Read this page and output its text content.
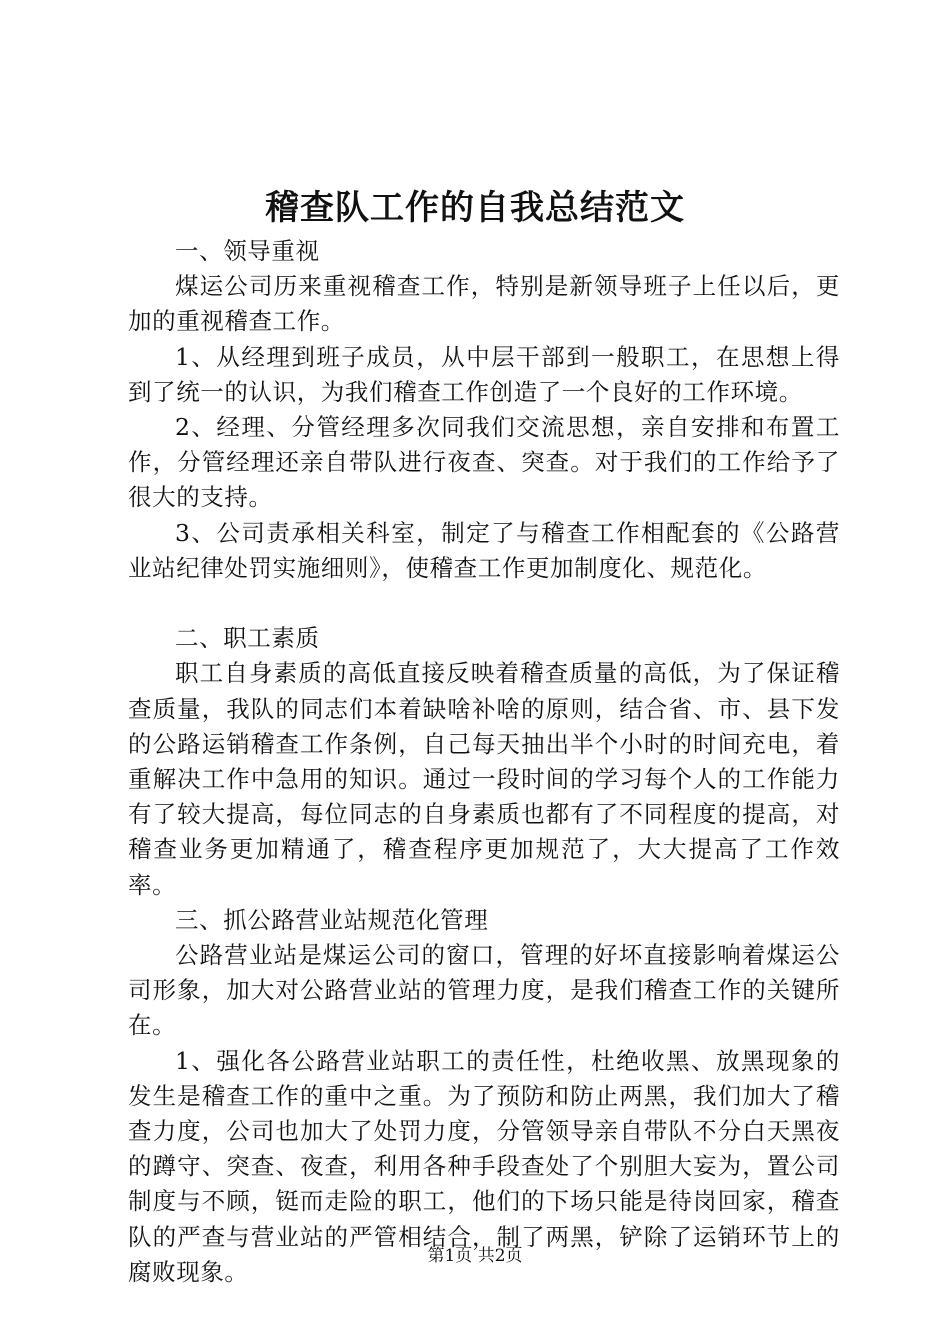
稽查队工作的自我总结范文

一、领导重视

煤运公司历来重视稽查工作，特别是新领导班子上任以后，更加的重视稽查工作。

1、从经理到班子成员，从中层干部到一般职工，在思想上得到了统一的认识，为我们稽查工作创造了一个良好的工作环境。

2、经理、分管经理多次同我们交流思想，亲自安排和布置工作，分管经理还亲自带队进行夜查、突查。对于我们的工作给予了很大的支持。

3、公司责承相关科室，制定了与稽查工作相配套的《公路营业站纪律处罚实施细则》，使稽查工作更加制度化、规范化。

二、职工素质

职工自身素质的高低直接反映着稽查质量的高低，为了保证稽查质量，我队的同志们本着缺啥补啥的原则，结合省、市、县下发的公路运销稽查工作条例，自己每天抽出半个小时的时间充电，着重解决工作中急用的知识。通过一段时间的学习每个人的工作能力有了较大提高，每位同志的自身素质也都有了不同程度的提高，对稽查业务更加精通了，稽查程序更加规范了，大大提高了工作效率。

三、抓公路营业站规范化管理

公路营业站是煤运公司的窗口，管理的好坏直接影响着煤运公司形象，加大对公路营业站的管理力度，是我们稽查工作的关键所在。

1、强化各公路营业站职工的责任性，杜绝收黑、放黑现象的发生是稽查工作的重中之重。为了预防和防止两黑，我们加大了稽查力度，公司也加大了处罚力度，分管领导亲自带队不分白天黑夜的蹲守、突查、夜查，利用各种手段查处了个别胆大妄为，置公司制度与不顾，铤而走险的职工，他们的下场只能是待岗回家，稽查队的严查与营业站的严管相结合，制了两黑，铲除了运销环节上的腐败现象。

第1页 共2页
